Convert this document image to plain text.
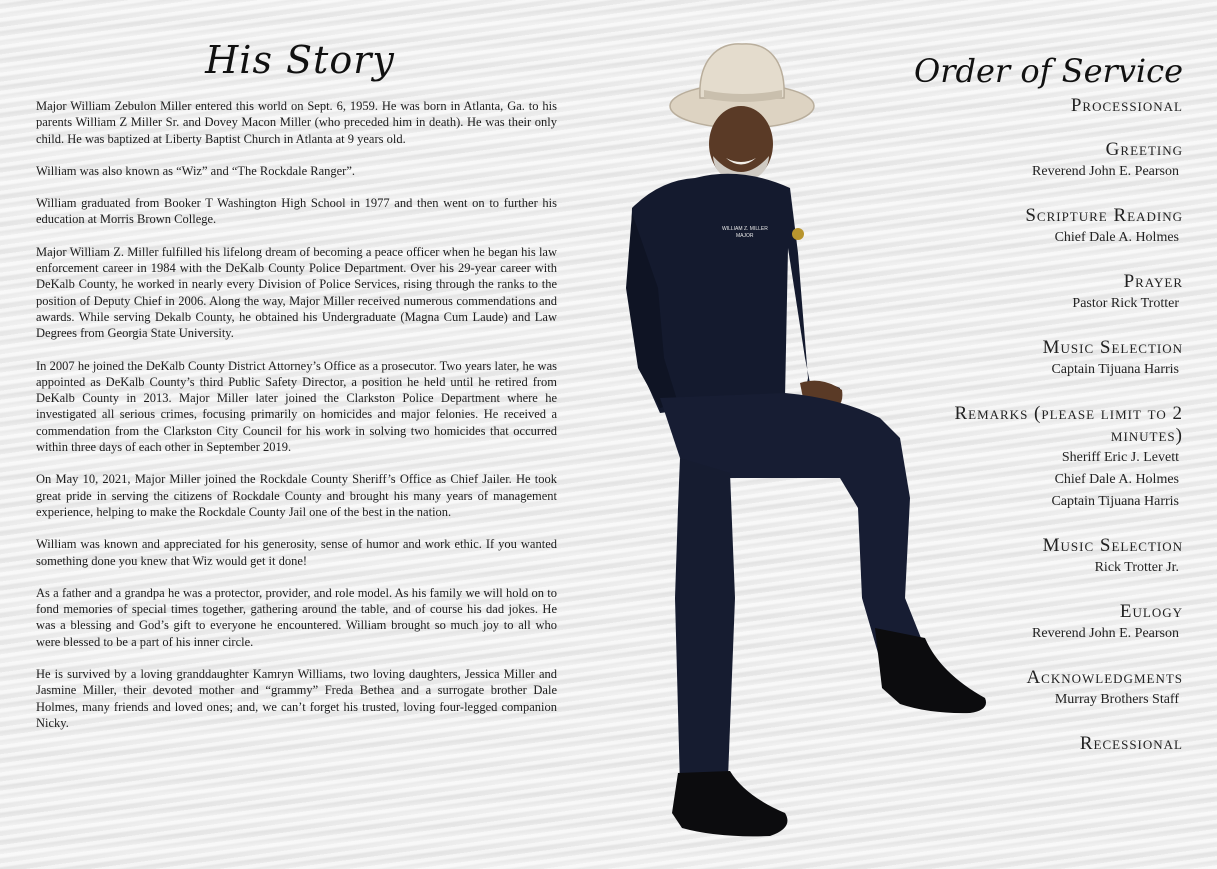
His Story

Major William Zebulon Miller entered this world on Sept. 6, 1959. He was born in Atlanta, Ga. to his parents William Z Miller Sr. and Dovey Macon Miller (who preceded him in death). He was their only child. He was baptized at Liberty Baptist Church in Atlanta at 9 years old.

William was also known as “Wiz” and “The Rockdale Ranger”.

William graduated from Booker T Washington High School in 1977 and then went on to further his education at Morris Brown College.

Major William Z. Miller fulfilled his lifelong dream of becoming a peace officer when he began his law enforcement career in 1984 with the DeKalb County Police Department. Over his 29-year career with DeKalb County, he worked in nearly every Division of Police Services, rising through the ranks to the position of Deputy Chief in 2006. Along the way, Major Miller received numerous commendations and awards. While serving Dekalb County, he obtained his Undergraduate (Magna Cum Laude) and Law Degrees from Georgia State University.

In 2007 he joined the DeKalb County District Attorney’s Office as a prosecutor. Two years later, he was appointed as DeKalb County’s third Public Safety Director, a position he held until he retired from DeKalb County in 2013. Major Miller later joined the Clarkston Police Department where he investigated all serious crimes, focusing primarily on homicides and major felonies. He received a commendation from the Clarkston City Council for his work in solving two homicides that occurred within three days of each other in September 2019.

On May 10, 2021, Major Miller joined the Rockdale County Sheriff’s Office as Chief Jailer. He took great pride in serving the citizens of Rockdale County and brought his many years of management experience, helping to make the Rockdale County Jail one of the best in the nation.

William was known and appreciated for his generosity, sense of humor and work ethic. If you wanted something done you knew that Wiz would get it done!

As a father and a grandpa he was a protector, provider, and role model. As his family we will hold on to fond memories of special times together, gathering around the table, and of course his dad jokes. He was a blessing and God’s gift to everyone he encountered. William brought so much joy to all who were blessed to be a part of his inner circle.

He is survived by a loving granddaughter Kamryn Williams, two loving daughters, Jessica Miller and Jasmine Miller, their devoted mother and “grammy” Freda Bethea and a surrogate brother Dale Holmes, many friends and loved ones; and, we can’t forget his trusted, loving four-legged companion Nicky.

WILLIAM Z. MILLER
MAJOR
Order of Service
Processional
Greeting
Reverend John E. Pearson
Scripture Reading
Chief Dale A. Holmes
Prayer
Pastor Rick Trotter
Music Selection
Captain Tijuana Harris
Remarks (please limit to 2 minutes)
Sheriff Eric J. Levett
Chief Dale A. Holmes
Captain Tijuana Harris
Music Selection
Rick Trotter Jr.
Eulogy
Reverend John E. Pearson
Acknowledgments
Murray Brothers Staff
Recessional
